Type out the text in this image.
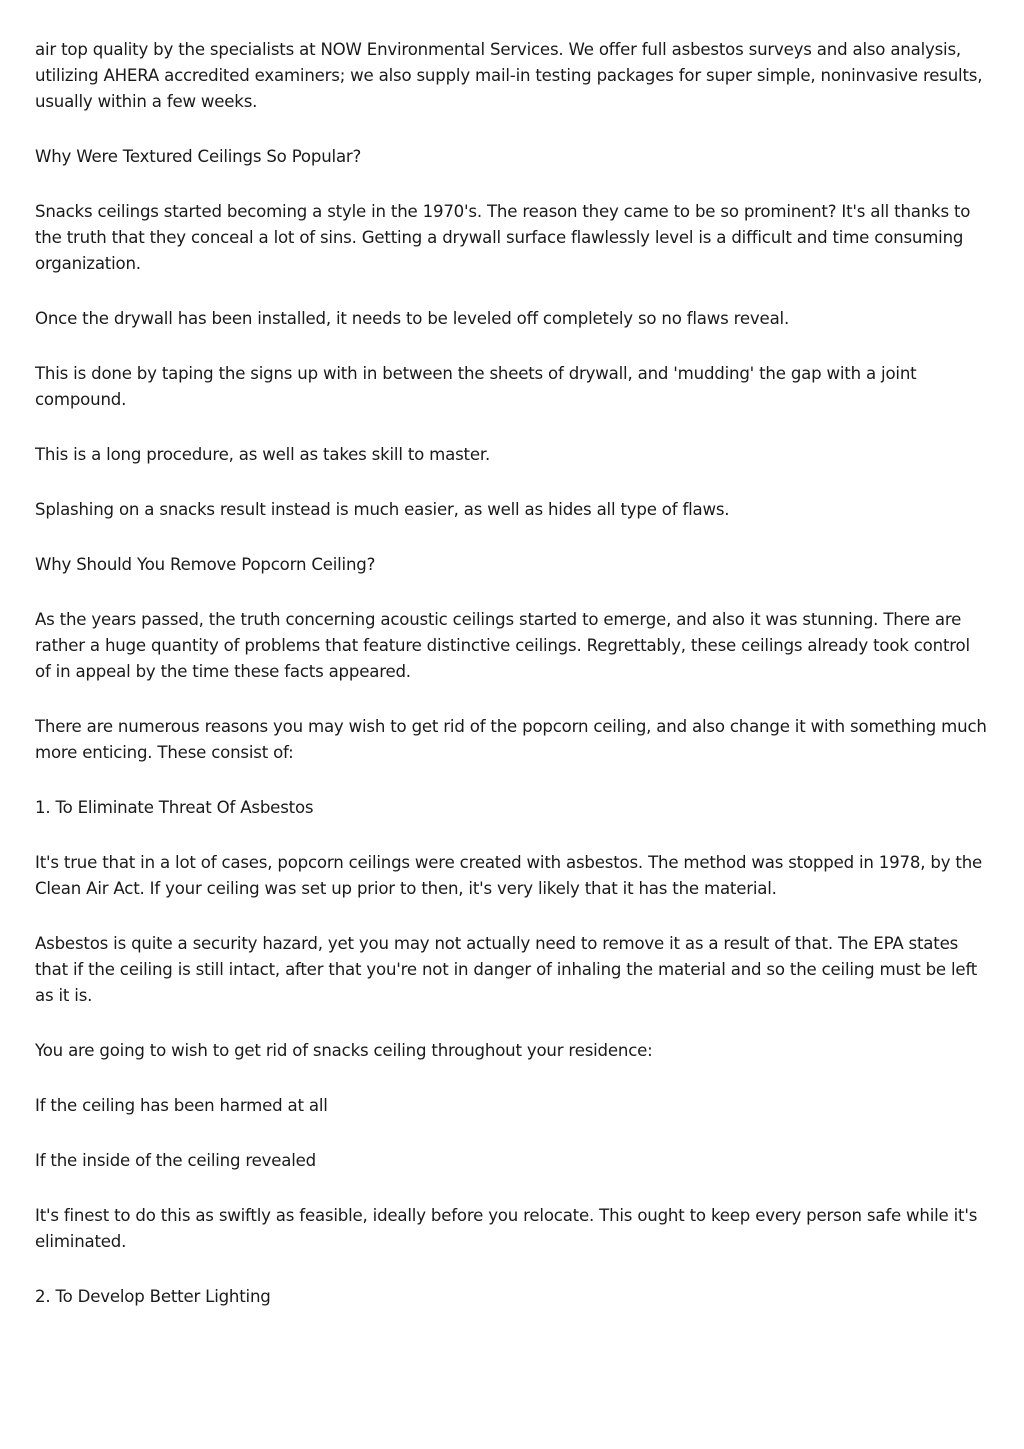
air top quality by the specialists at NOW Environmental Services. We offer full asbestos surveys and also analysis, utilizing AHERA accredited examiners; we also supply mail-in testing packages for super simple, noninvasive results, usually within a few weeks.

Why Were Textured Ceilings So Popular?

Snacks ceilings started becoming a style in the 1970's. The reason they came to be so prominent? It's all thanks to the truth that they conceal a lot of sins. Getting a drywall surface flawlessly level is a difficult and time consuming organization.

Once the drywall has been installed, it needs to be leveled off completely so no flaws reveal.

This is done by taping the signs up with in between the sheets of drywall, and 'mudding' the gap with a joint compound.

This is a long procedure, as well as takes skill to master.

Splashing on a snacks result instead is much easier, as well as hides all type of flaws.

Why Should You Remove Popcorn Ceiling?

As the years passed, the truth concerning acoustic ceilings started to emerge, and also it was stunning. There are rather a huge quantity of problems that feature distinctive ceilings. Regrettably, these ceilings already took control of in appeal by the time these facts appeared.

There are numerous reasons you may wish to get rid of the popcorn ceiling, and also change it with something much more enticing. These consist of:

1. To Eliminate Threat Of Asbestos

It's true that in a lot of cases, popcorn ceilings were created with asbestos. The method was stopped in 1978, by the Clean Air Act. If your ceiling was set up prior to then, it's very likely that it has the material.

Asbestos is quite a security hazard, yet you may not actually need to remove it as a result of that. The EPA states that if the ceiling is still intact, after that you're not in danger of inhaling the material and so the ceiling must be left as it is.

You are going to wish to get rid of snacks ceiling throughout your residence:

If the ceiling has been harmed at all

If the inside of the ceiling revealed

It's finest to do this as swiftly as feasible, ideally before you relocate. This ought to keep every person safe while it's eliminated.

2. To Develop Better Lighting
